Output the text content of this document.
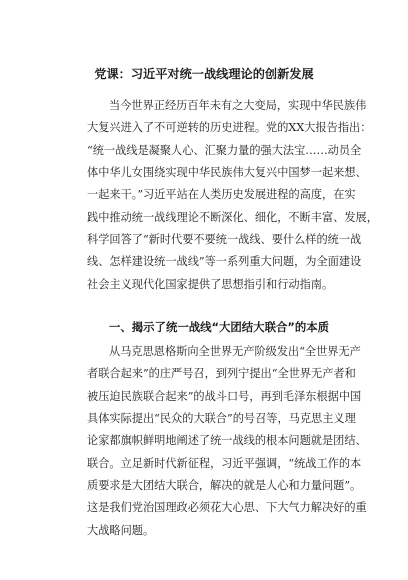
党课：习近平对统一战线理论的创新发展
当今世界正经历百年未有之大变局，实现中华民族伟
大复兴进入了不可逆转的历史进程。党的XX大报告指出：
“统一战线是凝聚人心、汇聚力量的强大法宝……动员全
体中华儿女围绕实现中华民族伟大复兴中国梦一起来想、
一起来干。”习近平站在人类历史发展进程的高度，在实
践中推动统一战线理论不断深化、细化，不断丰富、发展，
科学回答了“新时代要不要统一战线、要什么样的统一战
线、怎样建设统一战线”等一系列重大问题，为全面建设
社会主义现代化国家提供了思想指引和行动指南。
一、揭示了统一战线“大团结大联合”的本质
从马克思恩格斯向全世界无产阶级发出“全世界无产
者联合起来”的庄严号召，到列宁提出“全世界无产者和
被压迫民族联合起来”的战斗口号，再到毛泽东根据中国
具体实际提出“民众的大联合”的号召等，马克思主义理
论家都旗帜鲜明地阐述了统一战线的根本问题就是团结、
联合。立足新时代新征程，习近平强调，“统战工作的本
质要求是大团结大联合，解决的就是人心和力量问题”。
这是我们党治国理政必须花大心思、下大气力解决好的重
大战略问题。
